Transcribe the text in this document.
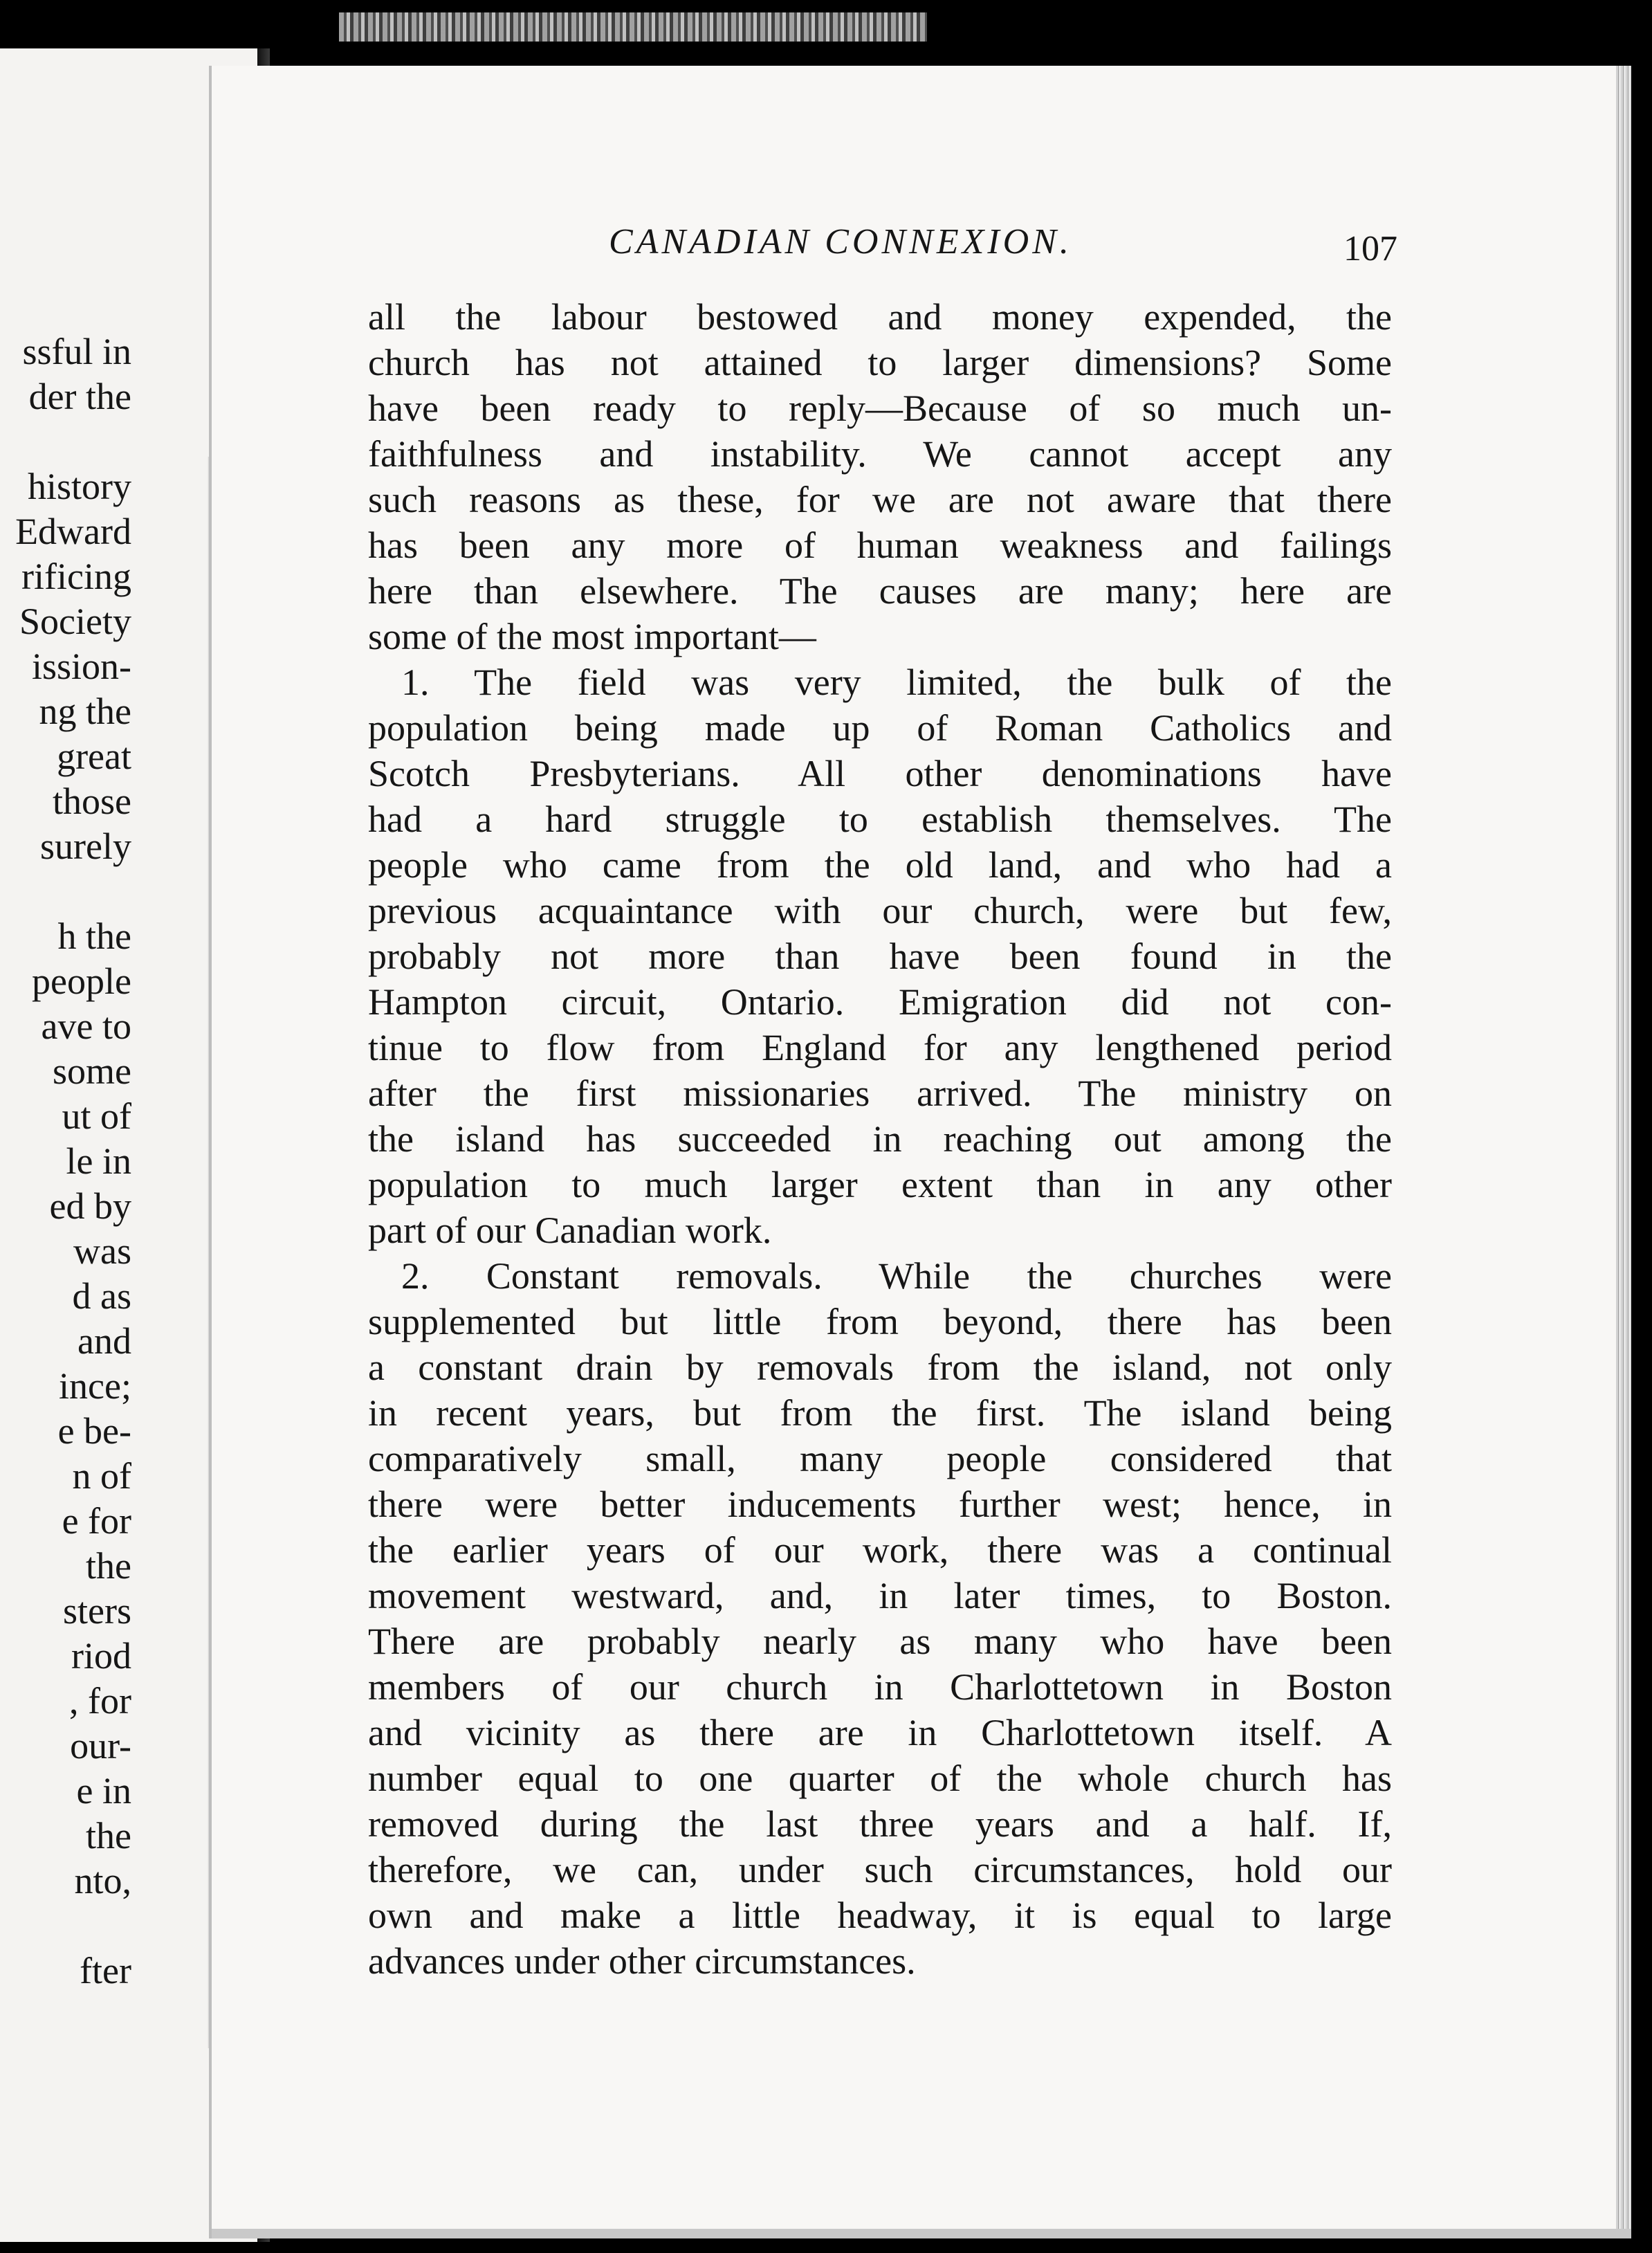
ssful in
der the
history
Edward
rificing
Society
ission-
ng the
great
those
surely
h the
people
ave to
some
ut of
le in
ed by
was
d as
and
ince;
e be-
n of
e for
the
sters
riod
, for
our-
e in
the
nto,
fter
CANADIAN CONNEXION.	107
all the labour bestowed and money expended, the
church has not attained to larger dimensions? Some
have been ready to reply—Because of so much un-
faithfulness and instability. We cannot accept any
such reasons as these, for we are not aware that there
has been any more of human weakness and failings
here than elsewhere. The causes are many; here are
some of the most important—
1. The field was very limited, the bulk of the
population being made up of Roman Catholics and
Scotch Presbyterians. All other denominations have
had a hard struggle to establish themselves. The
people who came from the old land, and who had a
previous acquaintance with our church, were but few,
probably not more than have been found in the
Hampton circuit, Ontario. Emigration did not con-
tinue to flow from England for any lengthened period
after the first missionaries arrived. The ministry on
the island has succeeded in reaching out among the
population to much larger extent than in any other
part of our Canadian work.
2. Constant removals. While the churches were
supplemented but little from beyond, there has been
a constant drain by removals from the island, not only
in recent years, but from the first. The island being
comparatively small, many people considered that
there were better inducements further west; hence, in
the earlier years of our work, there was a continual
movement westward, and, in later times, to Boston.
There are probably nearly as many who have been
members of our church in Charlottetown in Boston
and vicinity as there are in Charlottetown itself. A
number equal to one quarter of the whole church has
removed during the last three years and a half. If,
therefore, we can, under such circumstances, hold our
own and make a little headway, it is equal to large
advances under other circumstances.
